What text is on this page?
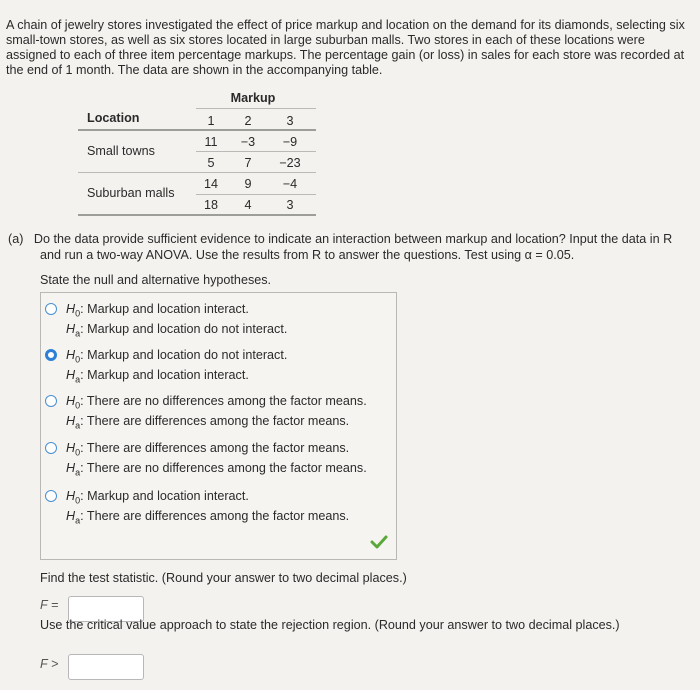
A chain of jewelry stores investigated the effect of price markup and location on the demand for its diamonds, selecting six
small-town stores, as well as six stores located in large suburban malls. Two stores in each of these locations were
assigned to each of three item percentage markups. The percentage gain (or loss) in sales for each store was recorded at
the end of 1 month. The data are shown in the accompanying table.
Markup
Location	1	2	3
Small towns
11	−3	−9
5	7	−23
Suburban malls
14	9	−4
18	4	3
(a) Do the data provide sufficient evidence to indicate an interaction between markup and location? Input the data in R
and run a two-way ANOVA. Use the results from R to answer the questions. Test using α = 0.05.
State the null and alternative hypotheses.
$H_0$: Markup and location interact.
$H_a$: Markup and location do not interact.
$H_0$: Markup and location do not interact.
$H_a$: Markup and location interact.
$H_0$: There are no differences among the factor means.
$H_a$: There are differences among the factor means.
$H_0$: There are differences among the factor means.
$H_a$: There are no differences among the factor means.
$H_0$: Markup and location interact.
$H_a$: There are differences among the factor means.
Find the test statistic. (Round your answer to two decimal places.)
F =
Use the critical value approach to state the rejection region. (Round your answer to two decimal places.)
F >
